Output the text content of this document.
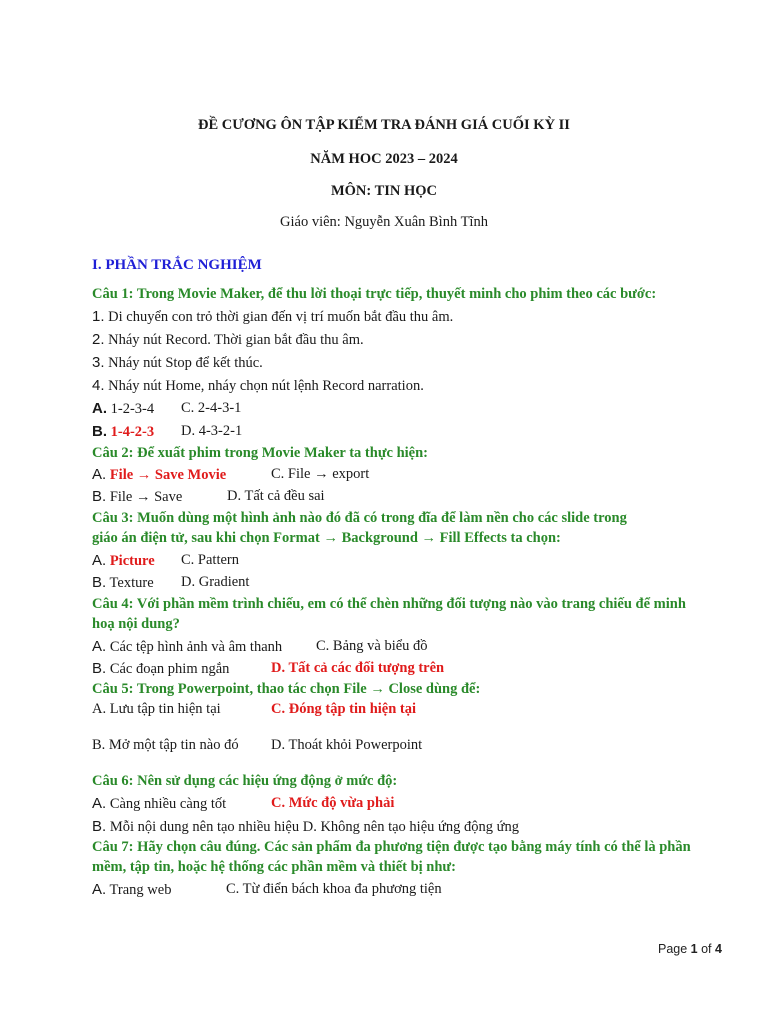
ĐỀ CƯƠNG ÔN TẬP KIỂM TRA ĐÁNH GIÁ CUỐI KỲ II
NĂM HOC 2023 – 2024
MÔN: TIN HỌC
Giáo viên: Nguyễn Xuân Bình Tĩnh
I. PHẦN TRẮC NGHIỆM
Câu 1: Trong Movie Maker, để thu lời thoại trực tiếp, thuyết minh cho phim theo các bước:
1. Di chuyển con trỏ thời gian đến vị trí muốn bắt đầu thu âm.
2. Nháy nút Record. Thời gian bắt đầu thu âm.
3. Nháy nút Stop để kết thúc.
4. Nháy nút Home, nháy chọn nút lệnh Record narration.
A. 1-2-3-4 C. 2-4-3-1
B. 1-4-2-3 D. 4-3-2-1
Câu 2: Để xuất phim trong Movie Maker ta thực hiện:
A. File → Save Movie	C. File → export
B. File → Save	D. Tất cả đều sai
Câu 3: Muốn dùng một hình ảnh nào đó đã có trong đĩa để làm nền cho các slide trong
giáo án điện tử, sau khi chọn Format → Background → Fill Effects ta chọn:
A. Picture C. Pattern
B. Texture D. Gradient
Câu 4: Với phần mềm trình chiếu, em có thể chèn những đối tượng nào vào trang chiếu để minh
hoạ nội dung?
A. Các tệp hình ảnh và âm thanh C. Bảng và biểu đồ
B. Các đoạn phim ngắn	D. Tất cả các đối tượng trên
Câu 5: Trong Powerpoint, thao tác chọn File → Close dùng để:
A. Lưu tập tin hiện tại	C. Đóng tập tin hiện tại
B. Mở một tập tin nào đó D. Thoát khỏi Powerpoint
Câu 6: Nên sử dụng các hiệu ứng động ở mức độ:
A. Càng nhiều càng tốt	C. Mức độ vừa phải
B. Mỗi nội dung nên tạo nhiều hiệu D. Không nên tạo hiệu ứng động ứng
Câu 7: Hãy chọn câu đúng. Các sản phẩm đa phương tiện được tạo bằng máy tính có thể là phần
mềm, tập tin, hoặc hệ thống các phần mềm và thiết bị như:
A. Trang web	C. Từ điển bách khoa đa phương tiện
Page 1 of 4
